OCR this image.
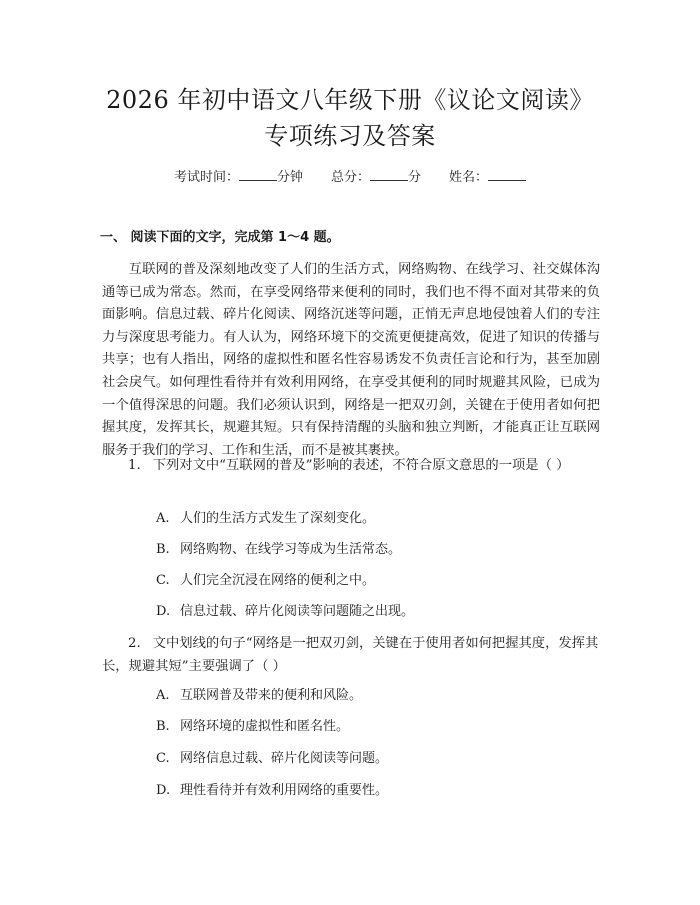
2026 年初中语文八年级下册《议论文阅读》
专项练习及答案
考试时间：	分钟 总分：	分 姓名：
一、 阅读下面的文字，完成第 1～4 题。

互联网的普及深刻地改变了人们的生活方式，网络购物、在线学习、社交媒体沟通等已成为常态。然而，在享受网络带来便利的同时，我们也不得不面对其带来的负面影响。信息过载、碎片化阅读、网络沉迷等问题，正悄无声息地侵蚀着人们的专注力与深度思考能力。有人认为，网络环境下的交流更便捷高效，促进了知识的传播与共享；也有人指出，网络的虚拟性和匿名性容易诱发不负责任言论和行为，甚至加剧社会戾气。如何理性看待并有效利用网络，在享受其便利的同时规避其风险，已成为一个值得深思的问题。我们必须认识到，网络是一把双刃剑，关键在于使用者如何把握其度，发挥其长，规避其短。只有保持清醒的头脑和独立判断，才能真正让互联网服务于我们的学习、工作和生活，而不是被其裹挟。

1. 下列对文中“互联网的普及”影响的表述，不符合原文意思的一项是（ ）

A. 人们的生活方式发生了深刻变化。

B. 网络购物、在线学习等成为生活常态。

C. 人们完全沉浸在网络的便利之中。

D. 信息过载、碎片化阅读等问题随之出现。

2. 文中划线的句子“网络是一把双刃剑，关键在于使用者如何把握其度，发挥其长，规避其短”主要强调了（ ）

A. 互联网普及带来的便利和风险。

B. 网络环境的虚拟性和匿名性。

C. 网络信息过载、碎片化阅读等问题。

D. 理性看待并有效利用网络的重要性。
